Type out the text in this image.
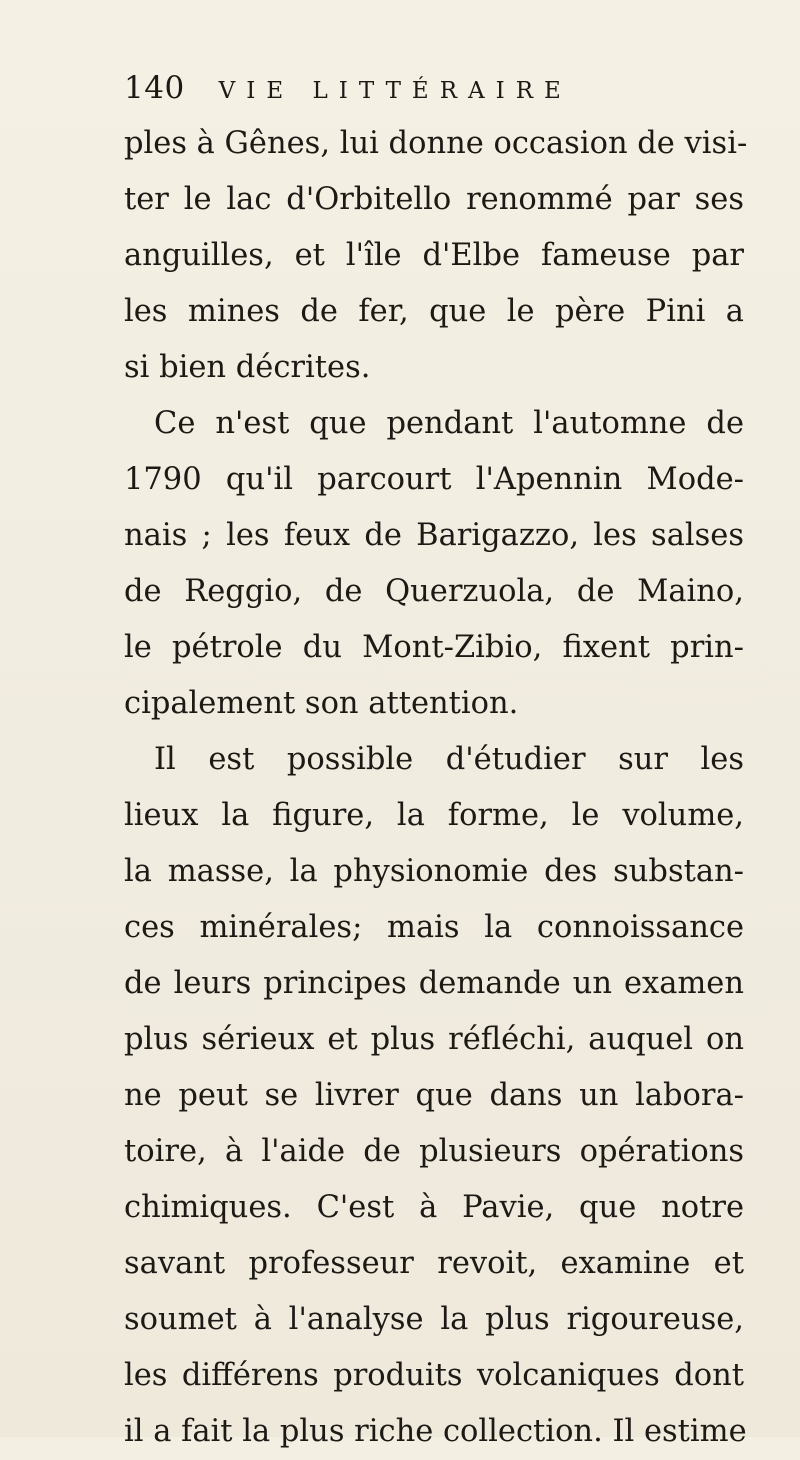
140 VIE LITTÉRAIRE
ples à Gênes, lui donne occasion de visi-
ter le lac d'Orbitello renommé par ses
anguilles, et l'île d'Elbe fameuse par
les mines de fer, que le père Pini a
si bien décrites.
Ce n'est que pendant l'automne de
1790 qu'il parcourt l'Apennin Mode-
nais ; les feux de Barigazzo, les salses
de Reggio, de Querzuola, de Maino,
le pétrole du Mont-Zibio, fixent prin-
cipalement son attention.
Il est possible d'étudier sur les
lieux la figure, la forme, le volume,
la masse, la physionomie des substan-
ces minérales; mais la connoissance
de leurs principes demande un examen
plus sérieux et plus réfléchi, auquel on
ne peut se livrer que dans un labora-
toire, à l'aide de plusieurs opérations
chimiques. C'est à Pavie, que notre
savant professeur revoit, examine et
soumet à l'analyse la plus rigoureuse,
les différens produits volcaniques dont
il a fait la plus riche collection. Il estime
